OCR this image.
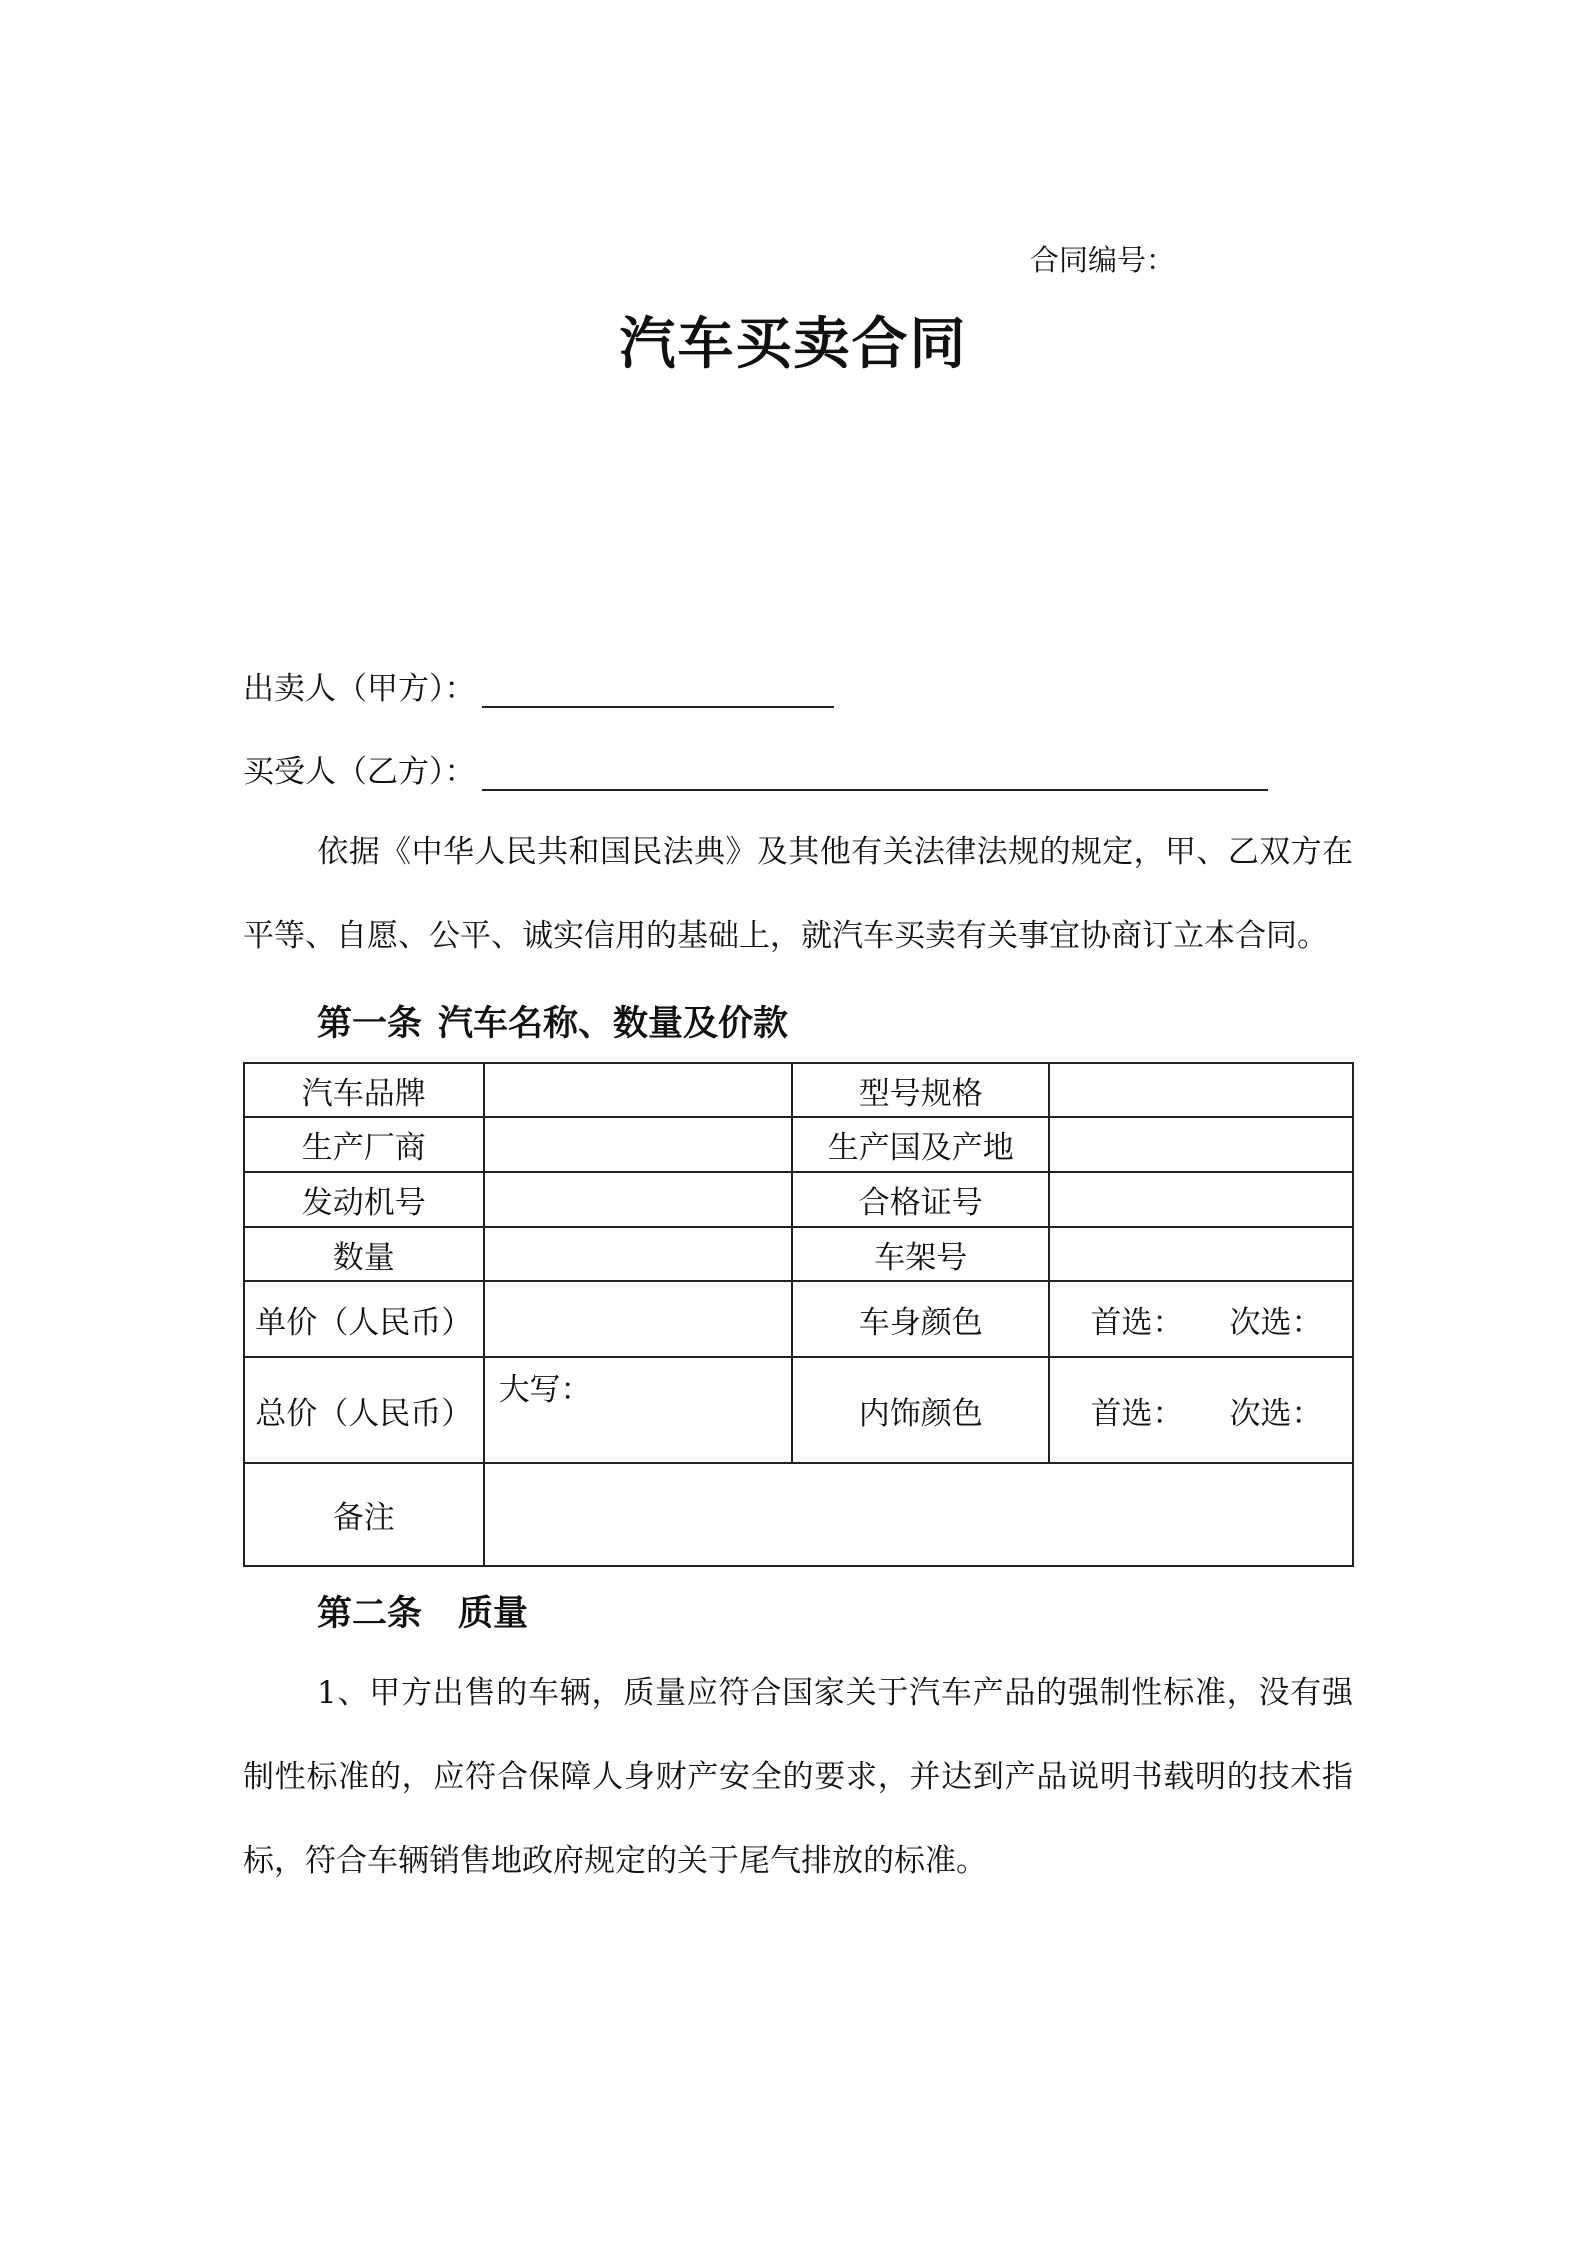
合同编号：
汽车买卖合同
出卖人（甲方）：
买受人（乙方）：
依据《中华人民共和国民法典》及其他有关法律法规的规定，甲、乙双方在平等、自愿、公平、诚实信用的基础上，就汽车买卖有关事宜协商订立本合同。
第一条 汽车名称、数量及价款
汽车品牌		型号规格	
生产厂商		生产国及产地	
发动机号		合格证号	
数量		车架号	
单价（人民币）		车身颜色	首选： 次选：
总价（人民币）	大写：	内饰颜色	首选： 次选：
备注			
第二条 质量
1、甲方出售的车辆，质量应符合国家关于汽车产品的强制性标准，没有强制性标准的，应符合保障人身财产安全的要求，并达到产品说明书载明的技术指标，符合车辆销售地政府规定的关于尾气排放的标准。
